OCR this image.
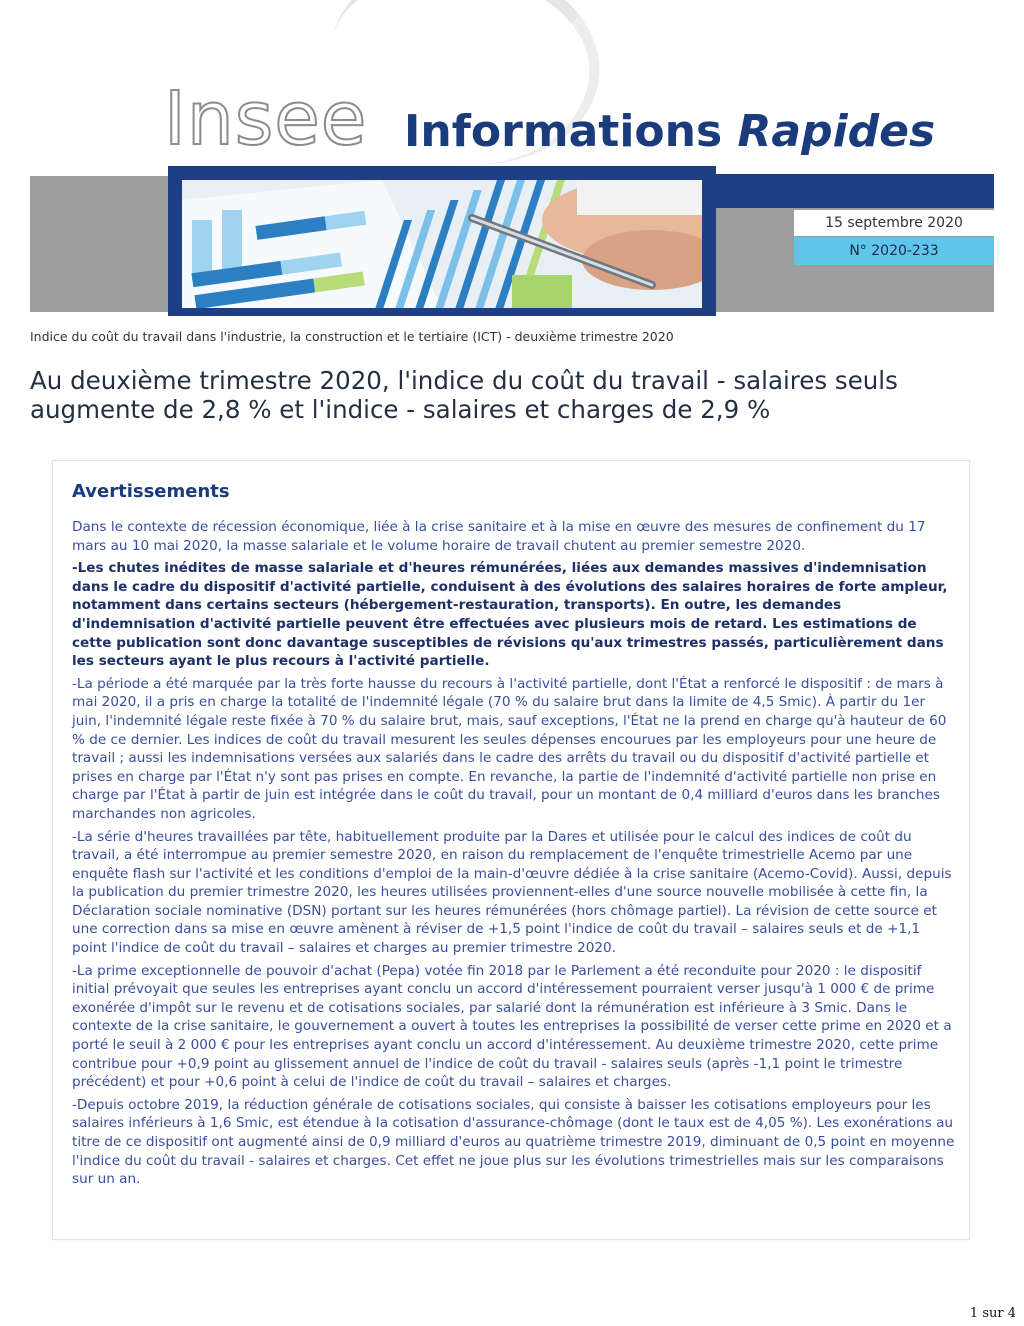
Insee Informations Rapides
15 septembre 2020
N° 2020-233
Indice du coût du travail dans l'industrie, la construction et le tertiaire (ICT) - deuxième trimestre 2020
Au deuxième trimestre 2020, l'indice du coût du travail - salaires seuls augmente de 2,8 % et l'indice - salaires et charges de 2,9 %
Avertissements

Dans le contexte de récession économique, liée à la crise sanitaire et à la mise en œuvre des mesures de confinement du 17 mars au 10 mai 2020, la masse salariale et le volume horaire de travail chutent au premier semestre 2020.

-Les chutes inédites de masse salariale et d'heures rémunérées, liées aux demandes massives d'indemnisation dans le cadre du dispositif d'activité partielle, conduisent à des évolutions des salaires horaires de forte ampleur, notamment dans certains secteurs (hébergement-restauration, transports). En outre, les demandes d'indemnisation d'activité partielle peuvent être effectuées avec plusieurs mois de retard. Les estimations de cette publication sont donc davantage susceptibles de révisions qu'aux trimestres passés, particulièrement dans les secteurs ayant le plus recours à l'activité partielle.

-La période a été marquée par la très forte hausse du recours à l'activité partielle, dont l'État a renforcé le dispositif : de mars à mai 2020, il a pris en charge la totalité de l'indemnité légale (70 % du salaire brut dans la limite de 4,5 Smic). À partir du 1er juin, l'indemnité légale reste fixée à 70 % du salaire brut, mais, sauf exceptions, l'État ne la prend en charge qu'à hauteur de 60 % de ce dernier. Les indices de coût du travail mesurent les seules dépenses encourues par les employeurs pour une heure de travail ; aussi les indemnisations versées aux salariés dans le cadre des arrêts du travail ou du dispositif d'activité partielle et prises en charge par l'État n'y sont pas prises en compte. En revanche, la partie de l'indemnité d'activité partielle non prise en charge par l'État à partir de juin est intégrée dans le coût du travail, pour un montant de 0,4 milliard d'euros dans les branches marchandes non agricoles.

-La série d'heures travaillées par tête, habituellement produite par la Dares et utilisée pour le calcul des indices de coût du travail, a été interrompue au premier semestre 2020, en raison du remplacement de l'enquête trimestrielle Acemo par une enquête flash sur l'activité et les conditions d'emploi de la main-d'œuvre dédiée à la crise sanitaire (Acemo-Covid). Aussi, depuis la publication du premier trimestre 2020, les heures utilisées proviennent-elles d'une source nouvelle mobilisée à cette fin, la Déclaration sociale nominative (DSN) portant sur les heures rémunérées (hors chômage partiel). La révision de cette source et une correction dans sa mise en œuvre amènent à réviser de +1,5 point l'indice de coût du travail – salaires seuls et de +1,1 point l'indice de coût du travail – salaires et charges au premier trimestre 2020.

-La prime exceptionnelle de pouvoir d'achat (Pepa) votée fin 2018 par le Parlement a été reconduite pour 2020 : le dispositif initial prévoyait que seules les entreprises ayant conclu un accord d'intéressement pourraient verser jusqu'à 1 000 € de prime exonérée d'impôt sur le revenu et de cotisations sociales, par salarié dont la rémunération est inférieure à 3 Smic. Dans le contexte de la crise sanitaire, le gouvernement a ouvert à toutes les entreprises la possibilité de verser cette prime en 2020 et a porté le seuil à 2 000 € pour les entreprises ayant conclu un accord d'intéressement. Au deuxième trimestre 2020, cette prime contribue pour +0,9 point au glissement annuel de l'indice de coût du travail - salaires seuls (après -1,1 point le trimestre précédent) et pour +0,6 point à celui de l'indice de coût du travail – salaires et charges.

-Depuis octobre 2019, la réduction générale de cotisations sociales, qui consiste à baisser les cotisations employeurs pour les salaires inférieurs à 1,6 Smic, est étendue à la cotisation d'assurance-chômage (dont le taux est de 4,05 %). Les exonérations au titre de ce dispositif ont augmenté ainsi de 0,9 milliard d'euros au quatrième trimestre 2019, diminuant de 0,5 point en moyenne l'indice du coût du travail - salaires et charges. Cet effet ne joue plus sur les évolutions trimestrielles mais sur les comparaisons sur un an.

1 sur 4
